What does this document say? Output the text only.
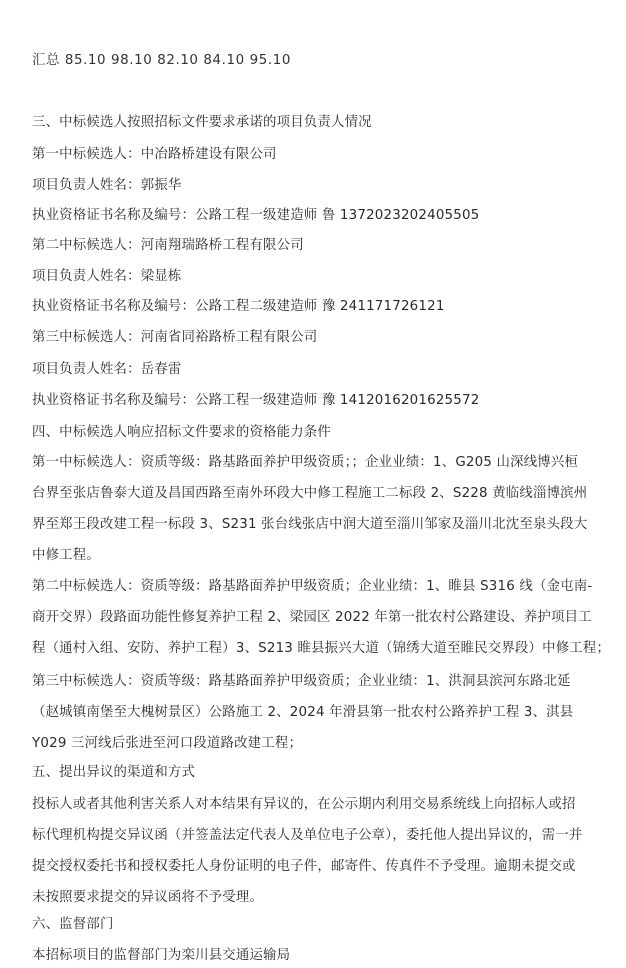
汇总 85.10 98.10 82.10 84.10 95.10
三、中标候选人按照招标文件要求承诺的项目负责人情况
第一中标候选人：中冶路桥建设有限公司
项目负责人姓名：郭振华
执业资格证书名称及编号：公路工程一级建造师 鲁 1372023202405505
第二中标候选人：河南翔瑞路桥工程有限公司
项目负责人姓名：梁显栋
执业资格证书名称及编号：公路工程二级建造师 豫 241171726121
第三中标候选人：河南省同裕路桥工程有限公司
项目负责人姓名：岳春雷
执业资格证书名称及编号：公路工程一级建造师 豫 1412016201625572
四、中标候选人响应招标文件要求的资格能力条件
第一中标候选人：资质等级：路基路面养护甲级资质；；企业业绩：1、G205 山深线博兴桓
台界至张店鲁泰大道及昌国西路至南外环段大中修工程施工二标段 2、S228 黄临线淄博滨州
界至郑王段改建工程一标段 3、S231 张台线张店中润大道至淄川邹家及淄川北沈至泉头段大
中修工程。
第二中标候选人：资质等级：路基路面养护甲级资质；企业业绩：1、睢县 S316 线（金屯南-
商开交界）段路面功能性修复养护工程 2、梁园区 2022 年第一批农村公路建设、养护项目工
程（通村入组、安防、养护工程）3、S213 睢县振兴大道（锦绣大道至睢民交界段）中修工程；
第三中标候选人：资质等级：路基路面养护甲级资质；企业业绩：1、洪洞县滨河东路北延
（赵城镇南堡至大槐树景区）公路施工 2、2024 年滑县第一批农村公路养护工程 3、淇县
Y029 三河线后张进至河口段道路改建工程；
五、提出异议的渠道和方式
投标人或者其他利害关系人对本结果有异议的，在公示期内利用交易系统线上向招标人或招
标代理机构提交异议函（并签盖法定代表人及单位电子公章），委托他人提出异议的，需一并
提交授权委托书和授权委托人身份证明的电子件，邮寄件、传真件不予受理。逾期未提交或
未按照要求提交的异议函将不予受理。
六、监督部门
本招标项目的监督部门为栾川县交通运输局
